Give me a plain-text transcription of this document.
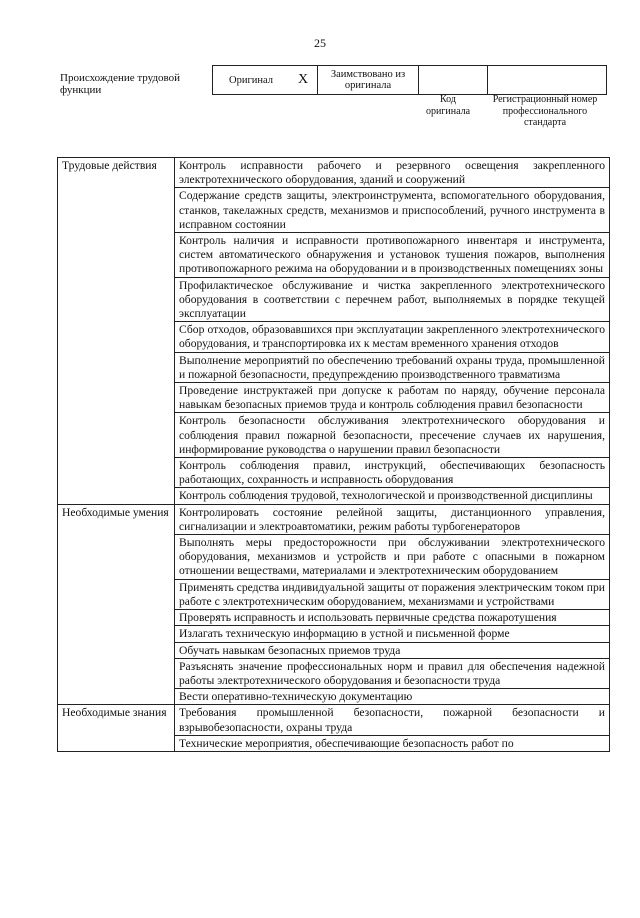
25
Происхождение трудовой функции
Оригинал	X	Заимствовано из оригинала		
Код оригинала
Регистрационный номер профессионального стандарта
Трудовые действия	Контроль исправности рабочего и резервного освещения закрепленного электротехнического оборудования, зданий и сооружений
	Содержание средств защиты, электроинструмента, вспомогательного оборудования, станков, такелажных средств, механизмов и приспособлений, ручного инструмента в исправном состоянии
	Контроль наличия и исправности противопожарного инвентаря и инструмента, систем автоматического обнаружения и установок тушения пожаров, выполнения противопожарного режима на оборудовании и в производственных помещениях зоны
	Профилактическое обслуживание и чистка закрепленного электротехнического оборудования в соответствии с перечнем работ, выполняемых в порядке текущей эксплуатации
	Сбор отходов, образовавшихся при эксплуатации закрепленного электротехнического оборудования, и транспортировка их к местам временного хранения отходов
	Выполнение мероприятий по обеспечению требований охраны труда, промышленной и пожарной безопасности, предупреждению производственного травматизма
	Проведение инструктажей при допуске к работам по наряду, обучение персонала навыкам безопасных приемов труда и контроль соблюдения правил безопасности
	Контроль безопасности обслуживания электротехнического оборудования и соблюдения правил пожарной безопасности, пресечение случаев их нарушения, информирование руководства о нарушении правил безопасности
	Контроль соблюдения правил, инструкций, обеспечивающих безопасность работающих, сохранность и исправность оборудования
	Контроль соблюдения трудовой, технологической и производственной дисциплины
Необходимые умения	Контролировать состояние релейной защиты, дистанционного управления, сигнализации и электроавтоматики, режим работы турбогенераторов
	Выполнять меры предосторожности при обслуживании электротехнического оборудования, механизмов и устройств и при работе с опасными в пожарном отношении веществами, материалами и электротехническим оборудованием
	Применять средства индивидуальной защиты от поражения электрическим током при работе с электротехническим оборудованием, механизмами и устройствами
	Проверять исправность и использовать первичные средства пожаротушения
	Излагать техническую информацию в устной и письменной форме
	Обучать навыкам безопасных приемов труда
	Разъяснять значение профессиональных норм и правил для обеспечения надежной работы электротехнического оборудования и безопасности труда
	Вести оперативно-техническую документацию
Необходимые знания	Требования промышленной безопасности, пожарной безопасности и взрывобезопасности, охраны труда
	Технические мероприятия, обеспечивающие безопасность работ по
